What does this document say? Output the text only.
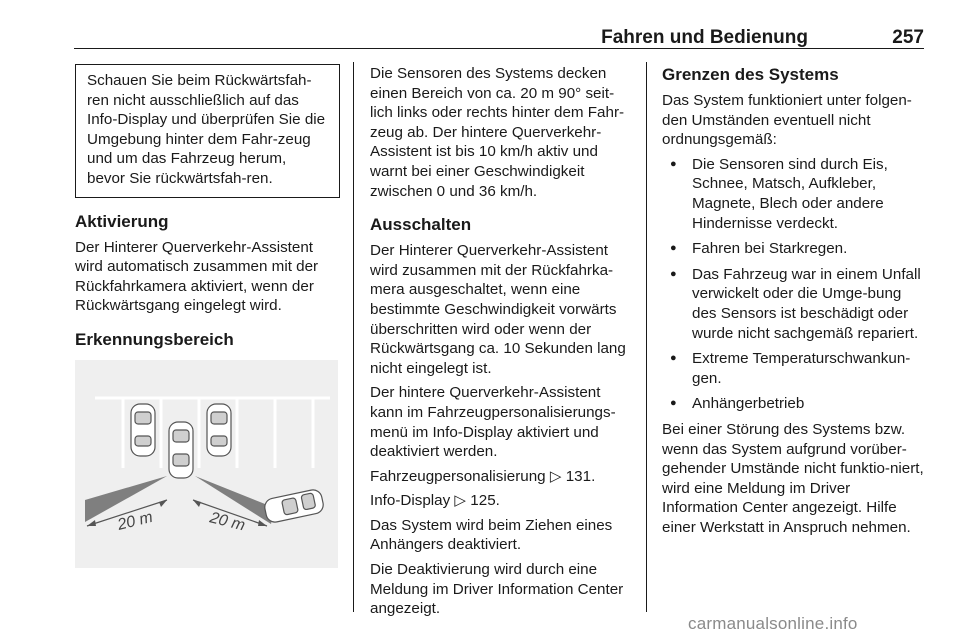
Fahren und Bedienung	257
Schauen Sie beim Rückwärtsfah-ren nicht ausschließlich auf das Info-Display und überprüfen Sie die Umgebung hinter dem Fahr-zeug und um das Fahrzeug herum, bevor Sie rückwärtsfah-ren.
Aktivierung

Der Hinterer Querverkehr-Assistent wird automatisch zusammen mit der Rückfahrkamera aktiviert, wenn der Rückwärtsgang eingelegt wird.

Erkennungsbereich
20 m	20 m

Die Sensoren des Systems decken einen Bereich von ca. 20 m 90° seit-lich links oder rechts hinter dem Fahr-zeug ab. Der hintere Querverkehr-Assistent ist bis 10 km/h aktiv und warnt bei einer Geschwindigkeit zwischen 0 und 36 km/h.

Ausschalten

Der Hinterer Querverkehr-Assistent wird zusammen mit der Rückfahrka-mera ausgeschaltet, wenn eine bestimmte Geschwindigkeit vorwärts überschritten wird oder wenn der Rückwärtsgang ca. 10 Sekunden lang nicht eingelegt ist.

Der hintere Querverkehr-Assistent kann im Fahrzeugpersonalisierungs-menü im Info-Display aktiviert und deaktiviert werden.

Fahrzeugpersonalisierung ▷ 131.

Info-Display ▷ 125.

Das System wird beim Ziehen eines Anhängers deaktiviert.

Die Deaktivierung wird durch eine Meldung im Driver Information Center angezeigt.

Grenzen des Systems

Das System funktioniert unter folgen-den Umständen eventuell nicht ordnungsgemäß:

● Die Sensoren sind durch Eis, Schnee, Matsch, Aufkleber, Magnete, Blech oder andere Hindernisse verdeckt.
● Fahren bei Starkregen.
● Das Fahrzeug war in einem Unfall verwickelt oder die Umge-bung des Sensors ist beschädigt oder wurde nicht sachgemäß repariert.
● Extreme Temperaturschwankun-gen.
● Anhängerbetrieb

Bei einer Störung des Systems bzw. wenn das System aufgrund vorüber-gehender Umstände nicht funktio-niert, wird eine Meldung im Driver Information Center angezeigt. Hilfe einer Werkstatt in Anspruch nehmen.

carmanualsonline.info
